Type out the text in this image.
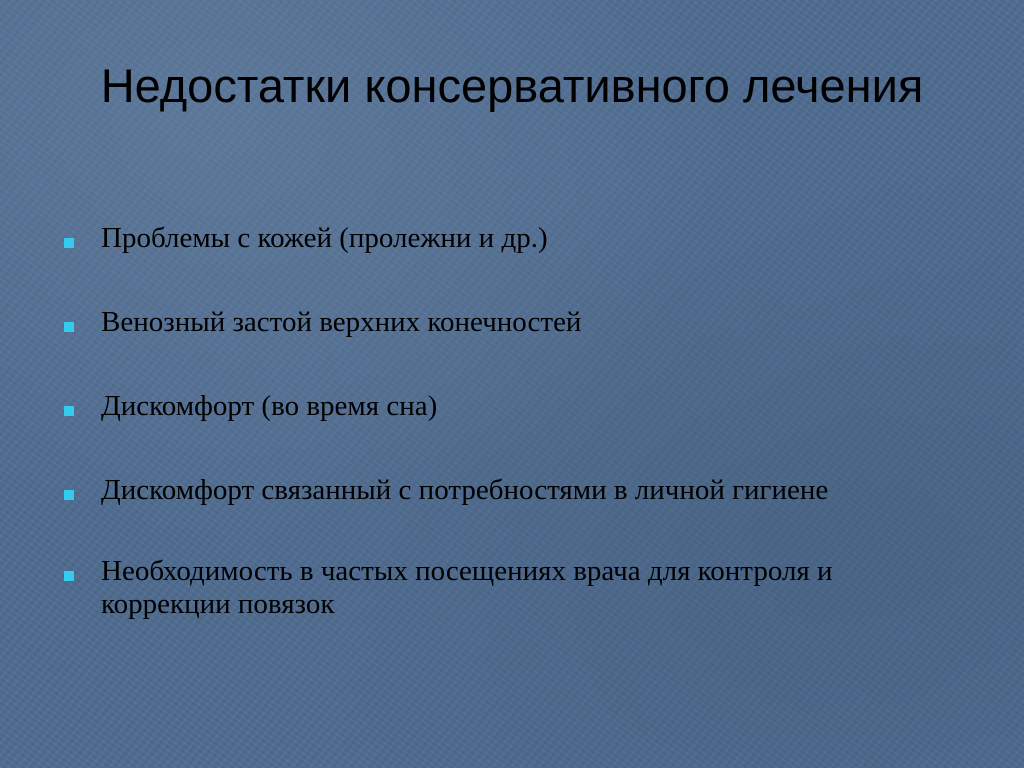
Недостатки консервативного лечения
Проблемы с кожей (пролежни и др.)
Венозный застой верхних конечностей
Дискомфорт (во время сна)
Дискомфорт связанный с потребностями в личной гигиене
Необходимость в частых посещениях врача для контроля и коррекции повязок
